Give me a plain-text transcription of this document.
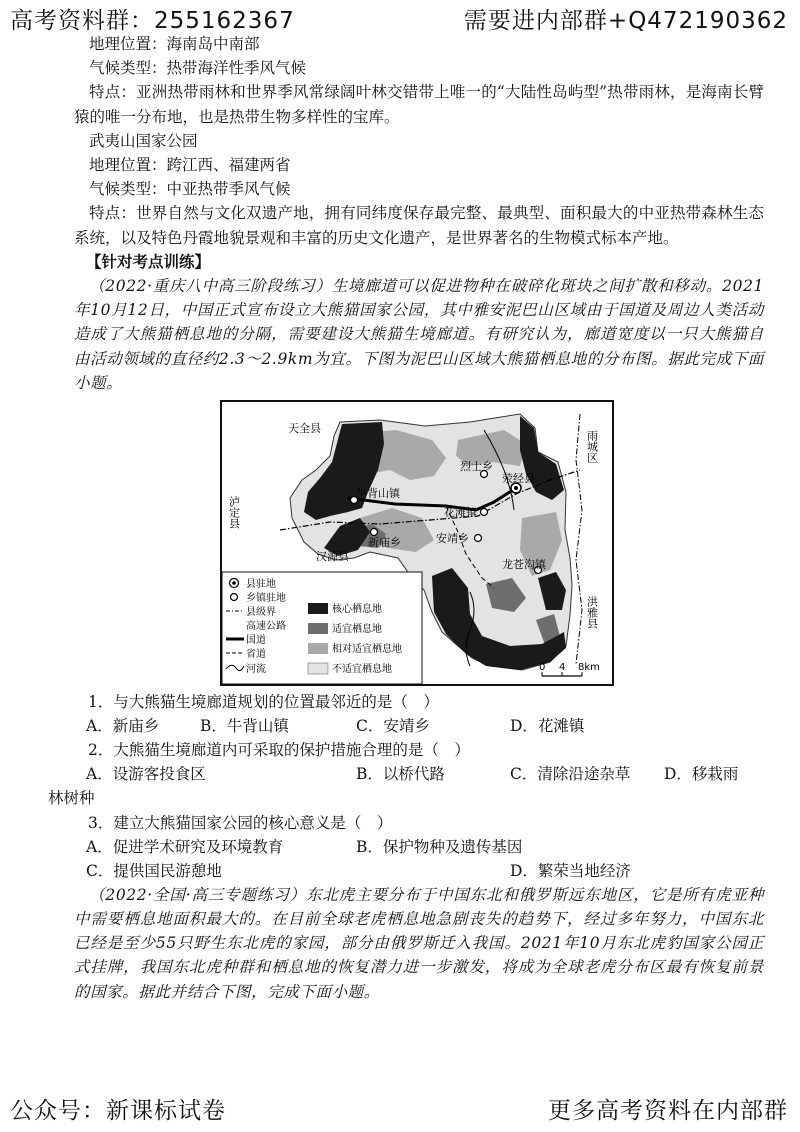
高考资料群：255162367	需要进内部群+Q472190362

地理位置：海南岛中南部

气候类型：热带海洋性季风气候

特点：亚洲热带雨林和世界季风常绿阔叶林交错带上唯一的“大陆性岛屿型”热带雨林，是海南长臂猿的唯一分布地，也是热带生物多样性的宝库。

武夷山国家公园

地理位置：跨江西、福建两省

气候类型：中亚热带季风气候

特点：世界自然与文化双遗产地，拥有同纬度保存最完整、最典型、面积最大的中亚热带森林生态系统，以及特色丹霞地貌景观和丰富的历史文化遗产，是世界著名的生物模式标本产地。

【针对考点训练】

（2022·重庆八中高三阶段练习）生境廊道可以促进物种在破碎化斑块之间扩散和移动。2021年10月12日，中国正式宣布设立大熊猫国家公园，其中雅安泥巴山区域由于国道及周边人类活动造成了大熊猫栖息地的分隔，需要建设大熊猫生境廊道。有研究认为，廊道宽度以一只大熊猫自由活动领域的直径约2.3～2.9km为宜。下图为泥巴山区域大熊猫栖息地的分布图。据此完成下面小题。

天全县
烈士乡
荥经县
牛背山镇
花滩镇
新庙乡	安靖乡
汉源县
龙苍沟镇
泸定县
雨城区
洪雅县
县驻地
乡镇驻地
县级界
高速公路
国道
省道
河流
核心栖息地
适宜栖息地
相对适宜栖息地
不适宜栖息地	0 4 8km

1．与大熊猫生境廊道规划的位置最邻近的是（　）

A．新庙乡	B．牛背山镇	C．安靖乡	D．花滩镇

2．大熊猫生境廊道内可采取的保护措施合理的是（　）

A．设游客投食区	B．以桥代路	C．清除沿途杂草 D．移栽雨

林树种

3．建立大熊猫国家公园的核心意义是（　）

A．促进学术研究及环境教育	B．保护物种及遗传基因
C．提供国民游憩地	D．繁荣当地经济

（2022·全国·高三专题练习）东北虎主要分布于中国东北和俄罗斯远东地区，它是所有虎亚种中需要栖息地面积最大的。在目前全球老虎栖息地急剧丧失的趋势下，经过多年努力，中国东北已经是至少55只野生东北虎的家园，部分由俄罗斯迁入我国。2021年10月东北虎豹国家公园正式挂牌，我国东北虎种群和栖息地的恢复潜力进一步激发，将成为全球老虎分布区最有恢复前景的国家。据此并结合下图，完成下面小题。

公众号：新课标试卷	更多高考资料在内部群
